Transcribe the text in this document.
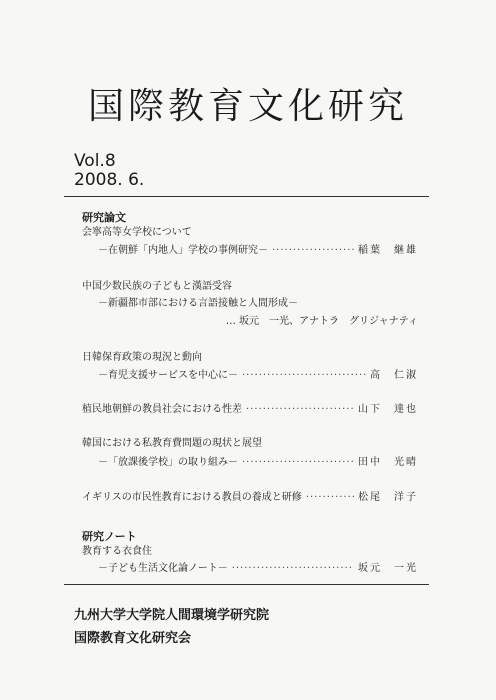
国際教育文化研究
Vol.8
2008. 6.
研究論文
会寧高等女学校について
－在朝鮮「内地人」学校の事例研究－ ·····	稲葉　継雄
中国少数民族の子どもと漢語受容
－新疆都市部における言語接触と人間形成－
… 坂元　一光、アナトラ　グリジャナティ
日韓保育政策の現況と動向
－育児支援サービスを中心に－ ·····	高　仁淑
植民地朝鮮の教員社会における性差 ·····	山下　達也
韓国における私教育費問題の現状と展望
－「放課後学校」の取り組み－ ·····	田中　光晴
イギリスの市民性教育における教員の養成と研修 ·····	松尾　洋子
研究ノート
教育する衣食住
－子ども生活文化論ノート－ ·····	坂元　一光
九州大学大学院人間環境学研究院
国際教育文化研究会
